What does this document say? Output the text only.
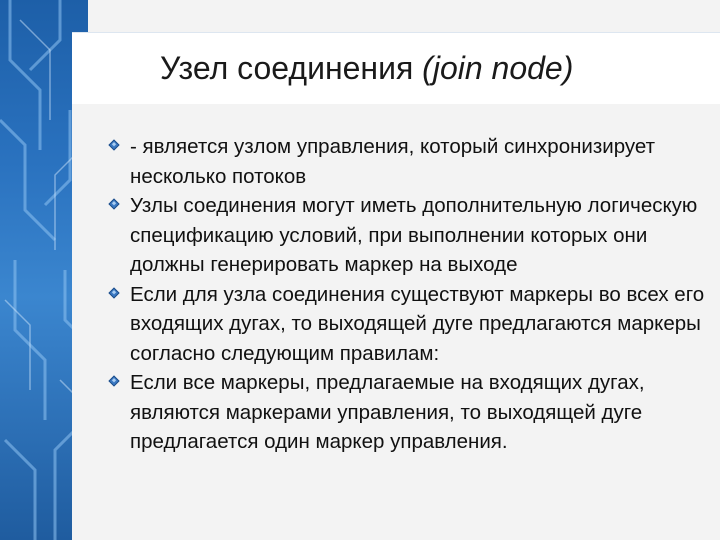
Узел соединения (join node)
- является узлом управления, который синхронизирует несколько потоков
Узлы соединения могут иметь дополнительную логическую спецификацию условий, при выполнении которых они должны генерировать маркер на выходе
Если для узла соединения существуют маркеры во всех его входящих дугах, то выходящей дуге предлагаются маркеры согласно следующим правилам:
Если все маркеры, предлагаемые на входящих дугах, являются маркерами управления, то выходящей дуге предлагается один маркер управления.
